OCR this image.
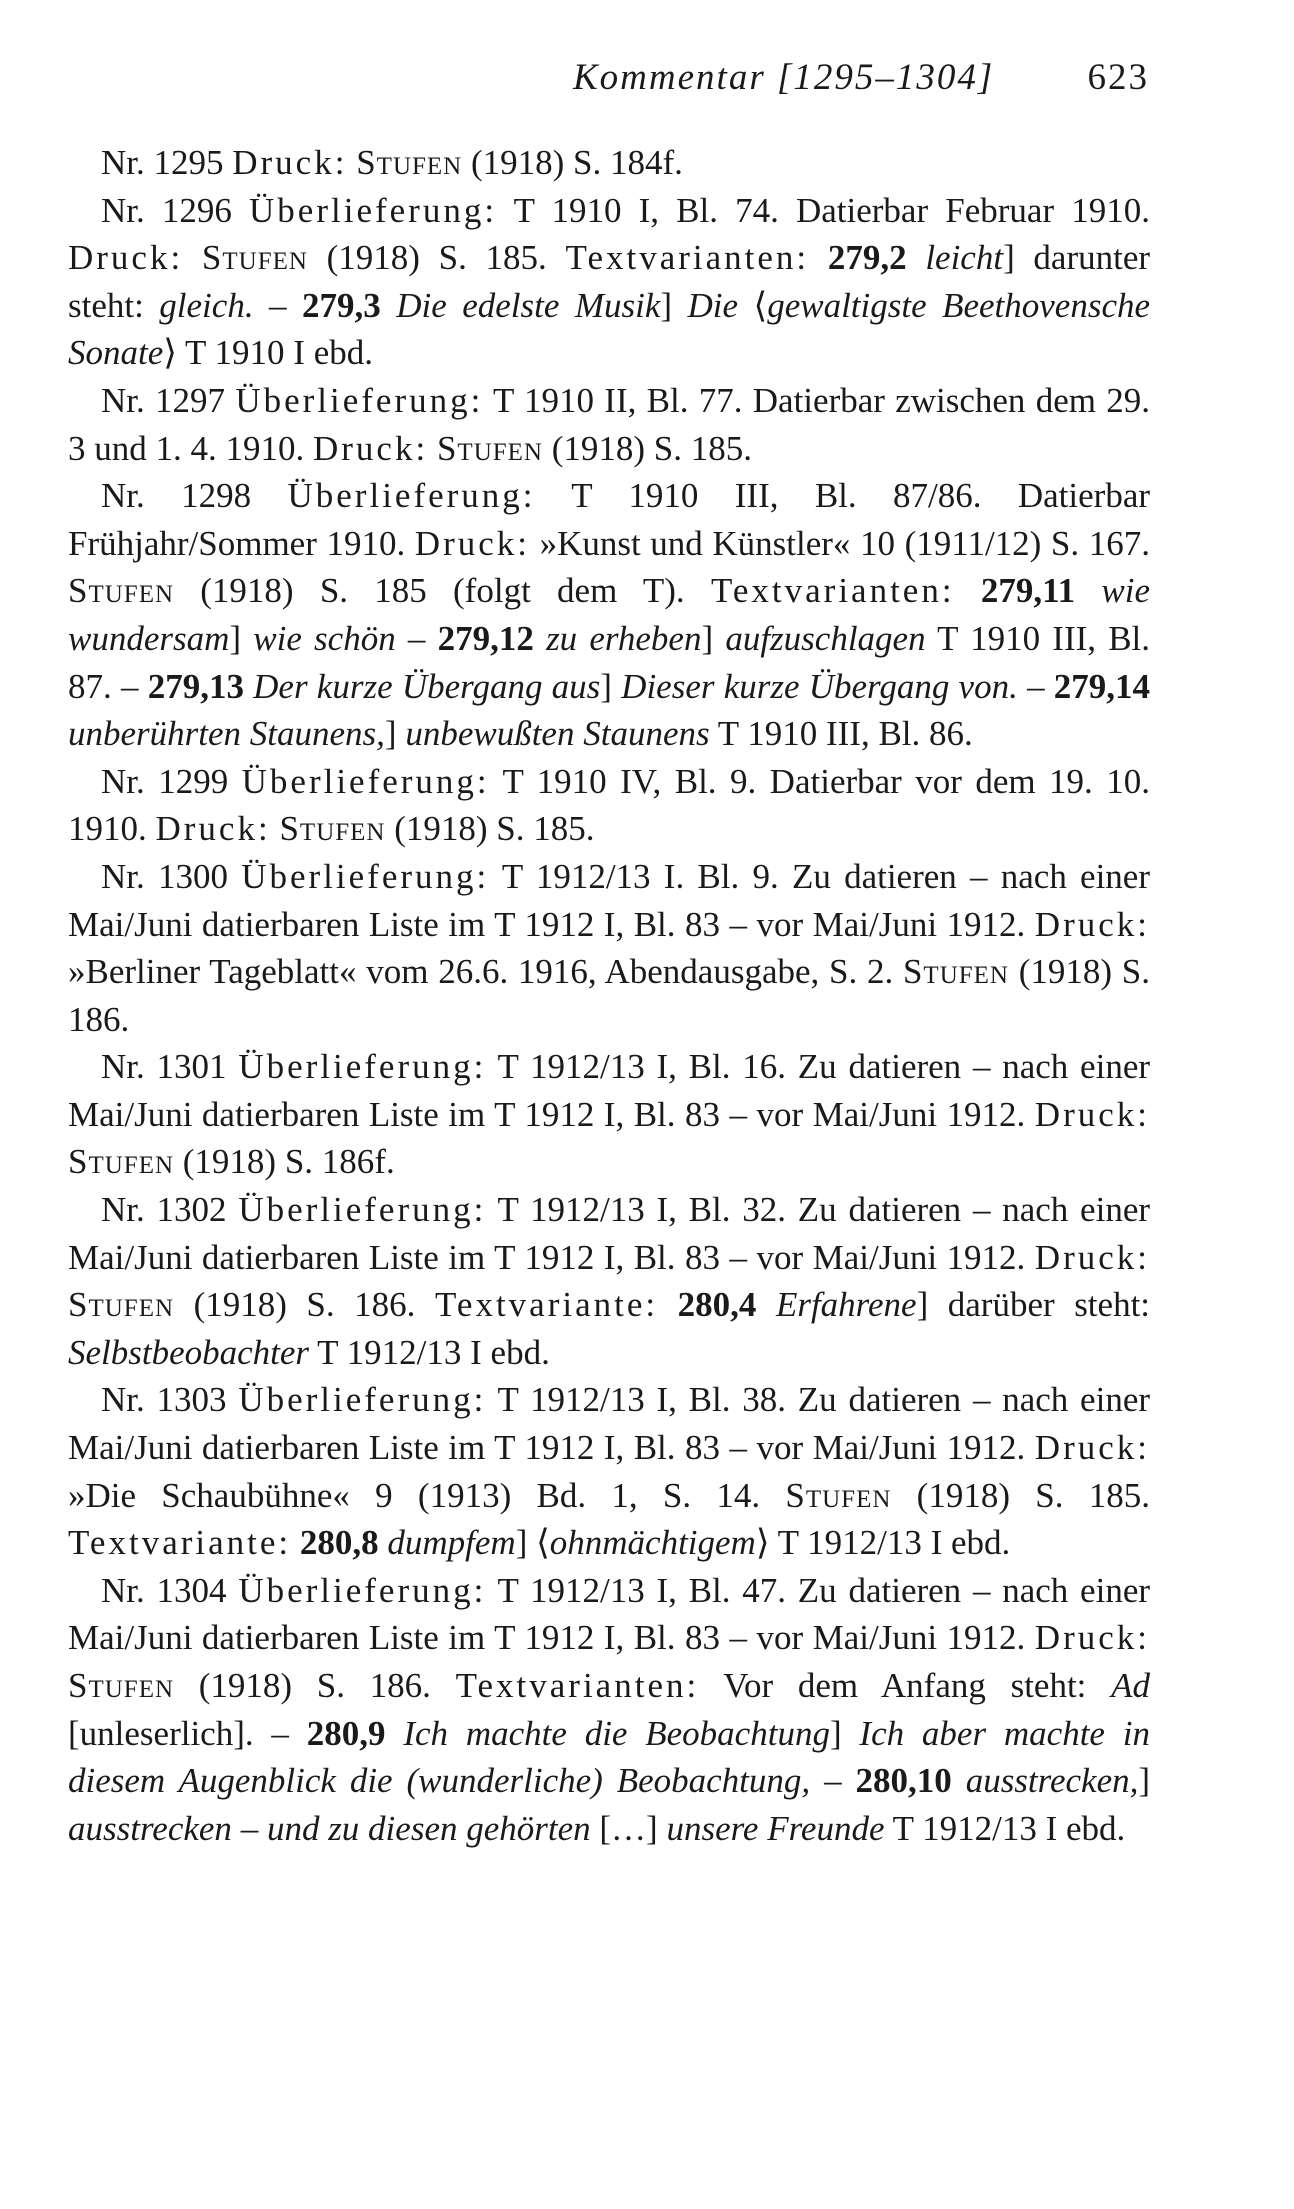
Kommentar [1295–1304]	623

Nr. 1295 Druck: Stufen (1918) S. 184f.

Nr. 1296 Überlieferung: T 1910 I, Bl. 74. Datierbar Februar 1910. Druck: Stufen (1918) S. 185. Textvarianten: 279,2 leicht] darunter steht: gleich. – 279,3 Die edelste Musik] Die ⟨gewaltigste Beethovensche Sonate⟩ T 1910 I ebd.

Nr. 1297 Überlieferung: T 1910 II, Bl. 77. Datierbar zwischen dem 29. 3 und 1. 4. 1910. Druck: Stufen (1918) S. 185.

Nr. 1298 Überlieferung: T 1910 III, Bl. 87/86. Datierbar Frühjahr/Sommer 1910. Druck: »Kunst und Künstler« 10 (1911/12) S. 167. Stufen (1918) S. 185 (folgt dem T). Textvarianten: 279,11 wie wundersam] wie schön – 279,12 zu erheben] aufzuschlagen T 1910 III, Bl. 87. – 279,13 Der kurze Übergang aus] Dieser kurze Übergang von. – 279,14 unberührten Staunens,] unbewußten Staunens T 1910 III, Bl. 86.

Nr. 1299 Überlieferung: T 1910 IV, Bl. 9. Datierbar vor dem 19. 10. 1910. Druck: Stufen (1918) S. 185.

Nr. 1300 Überlieferung: T 1912/13 I. Bl. 9. Zu datieren – nach einer Mai/Juni datierbaren Liste im T 1912 I, Bl. 83 – vor Mai/Juni 1912. Druck: »Berliner Tageblatt« vom 26.6. 1916, Abendausgabe, S. 2. Stufen (1918) S. 186.

Nr. 1301 Überlieferung: T 1912/13 I, Bl. 16. Zu datieren – nach einer Mai/Juni datierbaren Liste im T 1912 I, Bl. 83 – vor Mai/Juni 1912. Druck: Stufen (1918) S. 186f.

Nr. 1302 Überlieferung: T 1912/13 I, Bl. 32. Zu datieren – nach einer Mai/Juni datierbaren Liste im T 1912 I, Bl. 83 – vor Mai/Juni 1912. Druck: Stufen (1918) S. 186. Textvariante: 280,4 Erfahrene] darüber steht: Selbstbeobachter T 1912/13 I ebd.

Nr. 1303 Überlieferung: T 1912/13 I, Bl. 38. Zu datieren – nach einer Mai/Juni datierbaren Liste im T 1912 I, Bl. 83 – vor Mai/Juni 1912. Druck: »Die Schaubühne« 9 (1913) Bd. 1, S. 14. Stufen (1918) S. 185. Textvariante: 280,8 dumpfem] ⟨ohnmächtigem⟩ T 1912/13 I ebd.

Nr. 1304 Überlieferung: T 1912/13 I, Bl. 47. Zu datieren – nach einer Mai/Juni datierbaren Liste im T 1912 I, Bl. 83 – vor Mai/Juni 1912. Druck: Stufen (1918) S. 186. Textvarianten: Vor dem Anfang steht: Ad [unleserlich]. – 280,9 Ich machte die Beobachtung] Ich aber machte in diesem Augenblick die (wunderliche) Beobachtung, – 280,10 ausstrecken,] ausstrecken – und zu diesen gehörten […] unsere Freunde T 1912/13 I ebd.
